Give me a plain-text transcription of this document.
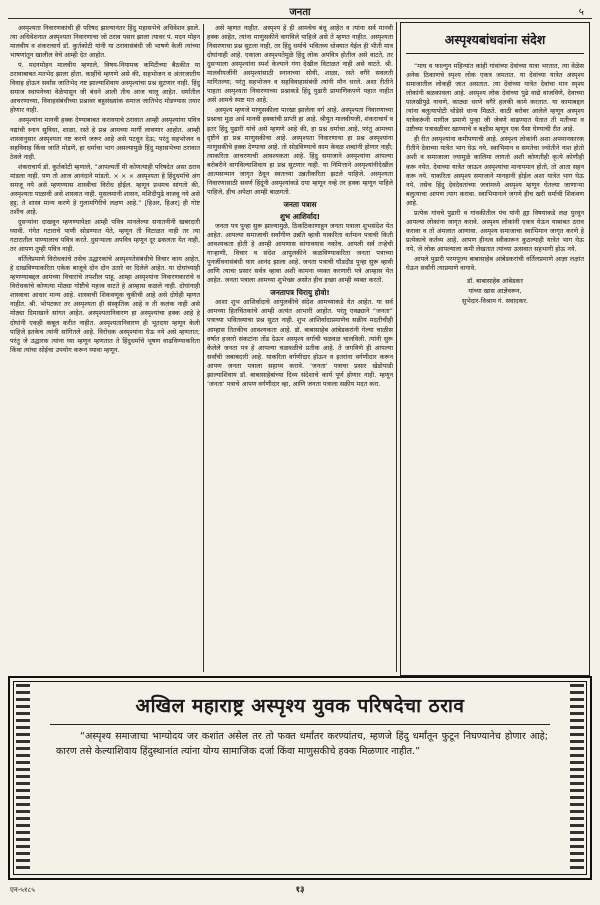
जनता	५

अस्पृश्यता निवारणकांची ही परिषद झाल्यानंतर हिंदु महासभेचे अधिवेशन झाले. त्या अधिवेशनात अस्पृश्यता निवारणाचा जो ठराव पसार झाला त्यावर पं. मदन मोहन मालवीय व शंकराचार्य डॉ. कुर्तकोटी यांनी या ठरावासंबंधी जी भाषणे केली त्यांच्या भाषणांतून खालील वेचे आम्ही देत आहोत.

पं. मदनमोहन मालवीय म्हणाले, विषय-नियामक कमिटीच्या बैठकीत या ठरावाबाबत मतभेद झाला होता. काहींचे म्हणणे असे की, सहभोजन व अंतरजातीय विवाह होऊन सर्वांस जातिभेद नष्ट झाल्याशिवाय अस्पृश्यांचा प्रश्न सुटणार नाही. हिंदु समाज स्थापनेच्या वेळेपासून जी बंधने आली तीच आज चालू आहेत. धर्मातील आचरणाच्या, विवाहसंबंधीच्या प्रश्नावर बहुसंख्यांक समाज जातिभेद मोडण्यास तयार होणार नाही.

अस्पृश्यांना मानवी हक्क देण्याबाबत करावयाचे ठरावात आम्ही अस्पृश्यांना पवित्र नद्यांची स्नान सुविधा, शाळा, रस्ते हे प्रश्न आमच्या मार्गी लावणार आहोत. आम्ही शास्त्रानुसार अस्पृश्यता नष्ट करणे जरूर आहे असे पटवून देऊ; परंतु सहभोजन व सहविवाह किंवा जाति मोडणे, हा धर्माचा भाग असल्यामुळे हिंदु महासभेच्या ठरावात ठेवले नाही.

शंकराचार्य डॉ. कुर्तकोटी म्हणाले, “आपल्यर्ती मी कोणत्याही परिषदेत असा ठराव मांडला नाही. पण तो आज आनंदाने मांडतो. × × × अस्पृश्यता हे हिंदुधर्माचे अंग समजू नये असे म्हणण्यास शास्त्रीचा विरोध होईल. म्हणून प्रथमच सांगतो की, अस्पृश्यता पाळावी असे शास्त्रात नाही. मुसलमानी शासन, मशिदीपुढे वाजवू नये असे हट्ट; ते शास्त्र मान्य करणे हे गुलामगिरीचे लक्षण आहे.” [हिअर, हिअर] ही गोष्ट तशीच आहे.

दुसऱ्यांना दाखवून म्हणण्यापेक्षा आम्ही पवित्र मानलेल्या सनातनीनी खबरदारी घ्यावी. गंगेत गटाराचे पाणी सोडण्यात येते, म्हणून ती विटाळत नाही तर त्या गटारातील पाण्यालाच पवित्र करते. दुसऱ्याला अपवित्र म्हणून दूर ढकलता येत नाही, तर आपण तुम्ही पवित्र नाही.

वर्तिलेप्रमाणे विरोधकांचे तसेच उद्धारकांचे अस्पृश्यतेसंबंधीचे विचार काय आहेत, हे दाखविण्याकरिता एकेक बाजूचे दोन दोन उतारे वर दिलेले आहेत. या दोघांच्याही म्हणण्याबद्दल आमच्या विचारांचे तपशील पाहू. आम्हा अस्पृश्यांना निवारणकारांचे व विरोधकांचे कोणत्या मोठ्या गोष्टीचे महत्त्व वाटते हे आम्हास कळले नाही. दोघांनाही शास्त्राचा आधार मान्य आहे. शास्त्राची शिकवणूक चुकीची आहे असे दोघेही म्हणत नाहीत. श्री. भोपटकर तर अस्पृश्यता ही संस्कृतिक आहे व ती कलंक नाही असे मोठ्या दिमाखाने सांगत आहेत. अस्पृश्यतानिवारण हा अस्पृश्यांचा हक्क आहे हे दोघांनी एकही कबूल करीत नाहीत. अस्पृश्यतानिवारण ही भूतदया म्हणून केली पाहिजे इतकेच त्यांनी सांगितले आहे. विरोधक अस्पृश्यांना घेऊ नये असे म्हणतात; परंतु जे उद्धारक त्यांना घ्या म्हणून म्हणतात ते हिंदुधर्माचे भूषण वाढविण्याकरिता किंवा त्यांचा सोईचा उपयोग करून घ्यावा म्हणून.

असे म्हणत नाहीत. अस्पृश्य हे ही आमचेच बंधू आहेत व त्यांना सर्व मानवी हक्क आहेत, त्यांना माणुसकीने वागविले पाहिजे असे ते म्हणत नाहीत. अस्पृश्यता निवारणाचा प्रश्न सुटला नाही, तर हिंदु धर्माचे भवितव्य धोक्यात येईल ही भीती मात्र दोघांनाही आहे. एकाला अस्पृश्यतेमुळे हिंदु लोक अपवित्र होतील असे वाटते, तर दुसऱ्याला अस्पृश्यांना स्पर्श केल्याने गंगा देखील विटाळत नाही असे वाटते. श्री. मालवीयजींनी अस्पृश्यांसाठी स्नानाच्या सोयी, शाळा, रस्ते वगैरे सवलती मागितल्या; परंतु सहभोजन व सहविवाहासंबंधी त्यांनी मौन धरले. अशा रीतीने पाहता अस्पृश्यता निवारणाच्या प्रश्नाकडे हिंदु पुढारी प्रामाणिकपणे पहात नाहीत असे आमचे स्पष्ट मत आहे.

अस्पृश्य म्हणजे माणुसकीला पारखा झालेला वर्ग आहे. अस्पृश्यता निवारणाच्या प्रश्नाचा मूळ अर्थ मानवी हक्कांची प्राप्ती हा आहे. श्रीयुत मालवीयजी, शंकराचार्य व इतर हिंदु पुढारी यांचे असे म्हणणे आहे की, हा प्रश्न धर्माचा आहे, परंतु आमच्या दृष्टीने हा प्रश्न माणुसकीचा आहे. अस्पृश्यता निवारणाचा हा प्रश्न अस्पृश्यांना माणुसकीचे हक्क देण्याचा आहे. तो सोडविण्याचे काम केवळ शब्दांनी होणार नाही; त्याकरिता आचरणाची आवश्यकता आहे. हिंदु समाजाने अस्पृश्यांना आपल्या बरोबरीने वागविल्याशिवाय हा प्रश्न सुटणार नाही. या निमित्ताने अस्पृश्यांनीदेखील आत्मसन्मान जागृत ठेवून स्वतःच्या उन्नतीकरिता झटले पाहिजे. अस्पृश्यता निवारणासाठी सवर्ण हिंदूंनी अस्पृश्यांकडे दया म्हणून नव्हे तर हक्क म्हणून पाहिले पाहिजे, हीच अपेक्षा आम्ही बाळगतो.

जनता पत्रास
शुभ आशिर्वाद!

जनता पत्र पुन्हा सुरू झाल्यामुळे, ठिकठिकाणाहून जनता पत्राला शुभसंदेश येत आहेत. आपल्या समाजाची सर्वांगीण उन्नति व्हावी याकरिता वर्तमान पत्राची किती आवश्यकता होती हे आम्ही आपणास सांगावयास नकोच. आपली सर्व तऱ्हेची गाऱ्हाणी, विचार व संदेश आपुलकीने कळविण्याकरिता जनता पत्राच्या पुनर्जीवनासंबंधी फार आनंद झाला आहे. जनता पत्राची घौडदौड पुन्हा सुरू व्हावी आणि त्याचा प्रसार सर्वत्र व्हावा अशी कामना व्यक्त करणारी पत्रे आम्हास येत आहेत. जनता पत्राला आमच्या शुभेच्छा असोत हीच इच्छा आम्ही व्यक्त करतो.

जनतापत्र चिरायु होवो!

आशा शुभ आशिर्वादाचे आपुलकीचे संदेश आमच्याकडे येत आहेत. या सर्व आमच्या हितचिंतकांचे आम्ही अत्यंत आभारी आहोत. परंतु एवढ्याने “जनता” पत्राच्या भवितव्याचा प्रश्न सुटत नाही. शुभ आशिर्वादाप्रमाणेच सक्रीय मदतीचीही आम्हास तितकीच आवश्यकता आहे. डॉ. बाबासाहेब आंबेडकरांनी गेल्या चाळीस वर्षात हजारो संकटांना तोंड देऊन अस्पृश्य वर्गाची चळवळ चालविली. त्यांनी सुरू केलेले जनता पत्र हे आपल्या चळवळीचे प्रतीक आहे. ते जगविणे ही आपल्या सर्वांची जबाबदारी आहे. याकरिता वर्गणीदार होऊन व इतरांना वर्गणीदार करून आपण जनता पत्राला सहाय्य करावे. ‘जनता’ पत्राचा प्रसार खेडोपाडी झाल्याशिवाय डॉ. बाबासाहेबांच्या दिव्य संदेशाचे कार्य पूर्ण होणार नाही. म्हणून ‘जनता’ पत्राचे आपण वर्गणीदार व्हा, आणि जनता पत्राला सक्रीय मदत करा.

अस्पृश्यबांधवांना संदेश

“माघ व फाल्गुन महिन्यांत कांही गांवांच्या देवांच्या यात्रा भरतात, त्या वेळेस अनेक ठिकाणचे स्पृश्य लोक एकत्र जमतात. या देवांच्या यात्रेत अस्पृश्य समाजातील लोकही जात असतात. त्या देवांच्या यात्रेत देवांचा मान स्पृश्य लोकांनी बळकावला आहे. अस्पृश्य लोक देवांच्या पुढे वाद्ये वाजविणे, देवाच्या पालखीपुढे नाचणे, काठ्या धरणे वगैरे हलकी कामे करतात. या कामाबद्दल त्यांना बलुत्यापोटी थोडेसे धान्य मिळते. काठी बरोबर आलेले म्हणून अस्पृश्य यात्रेकरूंनी मागील प्रमाणे पुन्हा जी जेवणे वाढण्यात येतात ती मतीच्या व उष्टीच्या पत्रावळीवर खाण्याचे व बक्षीस म्हणून एक पैसा घेण्याची रीत आहे.

ही रीत अस्पृश्यांना कमीपणाची आहे. अस्पृश्य लोकांनी अशा अपमानकारक रीतीने देवाच्या यात्रेत भाग घेऊ नये. स्वाभिमान व समतेचा ज्योतीने नाश होतो अशी व समाजाला ज्यामुळे कालिमा लागतो अशी कोणतीही कृत्ये कोणीही करू नयेत. देवाच्या यात्रेत जाऊन अस्पृश्यांचा मानापमान होतो, तो आता सहन करू नये. याकरिता अस्पृश्य समाजाने मानहानी होईल अशा यात्रेत भाग घेऊ नये. तसेच हिंदु देवदेवतांच्या जत्रांमध्ये अस्पृश्य म्हणून घेतल्या जाणाऱ्या बलुत्याचा आपण त्याग करावा. स्वाभिमानाने जगणे हीच खरी धर्माची शिकवण आहे.

प्रत्येक गांवचे पुढारी व गांवकीतील पंच यांनी ह्या विषयाकडे लक्ष पुरवून आपल्या लोकांना जागृत करावे. अस्पृश्य लोकांनी एकत्र येऊन याबाबत ठराव करावा व तो अंमलात आणावा. अस्पृश्य समाजाचा स्वाभिमान जागृत करणे हे प्रत्येकाचे कर्तव्य आहे. आपण हीनत्व स्वीकारून कुठल्याही यात्रेत भाग घेऊ नये. जे लोक आपल्याला कमी लेखतात त्यांच्या उत्सवात सहभागी होऊ नये.

आपले पुढारी परमपूज्य बाबासाहेब आंबेडकरांची वर्तिलप्रमाणे आज्ञा लक्षांत घेऊन सर्वांनी त्याप्रमाणे वागावे.

डॉ. बाबासाहेब आंबेडकर
यांच्या खास आज्ञेवरून,
सुभेदार-विश्राम गं. सवादकर.
अखिल महाराष्ट्र अस्पृश्य युवक परिषदेचा ठराव

“अस्पृश्य समाजाचा भाग्योदय जर कशांत असेल तर तो फक्त धर्मांतर करण्यांतच, म्हणजे हिंदु धर्मांतून फुटून निघण्यानेच होणार आहे; कारण तसे केल्याशिवाय हिंदुस्थानांत त्यांना योग्य सामाजिक दर्जा किंवा माणुसकीचे हक्क मिळणार नाहीत.”

एन-५१८५	१३
